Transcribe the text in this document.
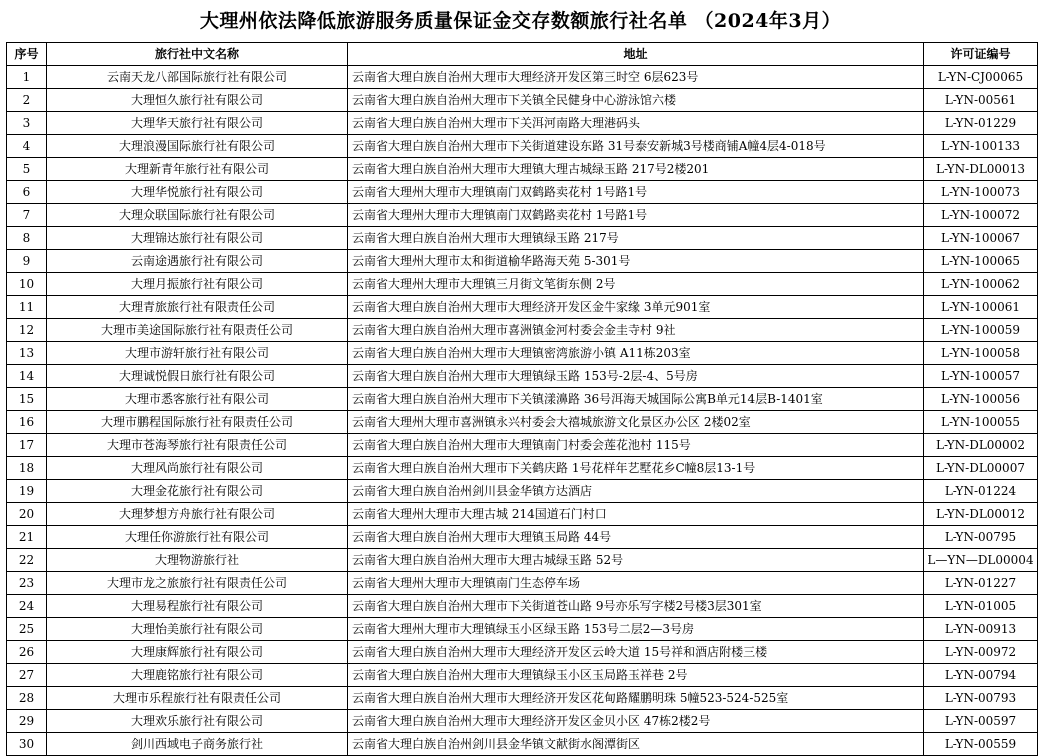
大理州依法降低旅游服务质量保证金交存数额旅行社名单 （2024年3月）
序号	旅行社中文名称	地址	许可证编号
1	云南天龙八部国际旅行社有限公司	云南省大理白族自治州大理市大理经济开发区第三时空 6层623号	L-YN-CJ00065
2	大理恒久旅行社有限公司	云南省大理白族自治州大理市下关镇全民健身中心游泳馆六楼	L-YN-00561
3	大理华天旅行社有限公司	云南省大理白族自治州大理市下关洱河南路大理港码头	L-YN-01229
4	大理浪漫国际旅行社有限公司	云南省大理白族自治州大理市下关街道建设东路 31号泰安新城3号楼商铺A幢4层4-018号	L-YN-100133
5	大理新青年旅行社有限公司	云南省大理白族自治州大理市大理镇大理古城绿玉路 217号2楼201	L-YN-DL00013
6	大理华悦旅行社有限公司	云南省大理州大理市大理镇南门双鹤路卖花村 1号路1号	L-YN-100073
7	大理众联国际旅行社有限公司	云南省大理州大理市大理镇南门双鹤路卖花村 1号路1号	L-YN-100072
8	大理锦达旅行社有限公司	云南省大理白族自治州大理市大理镇绿玉路 217号	L-YN-100067
9	云南途遇旅行社有限公司	云南省大理州大理市太和街道榆华路海天苑 5-301号	L-YN-100065
10	大理月振旅行社有限公司	云南省大理州大理市大理镇三月街文笔街东侧 2号	L-YN-100062
11	大理青旅旅行社有限责任公司	云南省大理白族自治州大理市大理经济开发区金牛家缘 3单元901室	L-YN-100061
12	大理市美途国际旅行社有限责任公司	云南省大理白族自治州大理市喜洲镇金河村委会金圭寺村 9社	L-YN-100059
13	大理市游轩旅行社有限公司	云南省大理白族自治州大理市大理镇密湾旅游小镇 A11栋203室	L-YN-100058
14	大理诚悦假日旅行社有限公司	云南省大理白族自治州大理市大理镇绿玉路 153号-2层-4、5号房	L-YN-100057
15	大理市悉客旅行社有限公司	云南省大理白族自治州大理市下关镇漾濞路 36号洱海天城国际公寓B单元14层B-1401室	L-YN-100056
16	大理市鹏程国际旅行社有限责任公司	云南省大理州大理市喜洲镇永兴村委会大禧城旅游文化景区办公区 2楼02室	L-YN-100055
17	大理市苍海琴旅行社有限责任公司	云南省大理白族自治州大理市大理镇南门村委会莲花池村 115号	L-YN-DL00002
18	大理风尚旅行社有限公司	云南省大理白族自治州大理市下关鹤庆路 1号花样年艺墅花乡C幢8层13-1号	L-YN-DL00007
19	大理金花旅行社有限公司	云南省大理白族自治州剑川县金华镇方达酒店	L-YN-01224
20	大理梦想方舟旅行社有限公司	云南省大理州大理市大理古城 214国道石门村口	L-YN-DL00012
21	大理任你游旅行社有限公司	云南省大理白族自治州大理市大理镇玉局路 44号	L-YN-00795
22	大理物游旅行社	云南省大理白族自治州大理市大理古城绿玉路 52号	L—YN—DL00004
23	大理市龙之旅旅行社有限责任公司	云南省大理州大理市大理镇南门生态停车场	L-YN-01227
24	大理易程旅行社有限公司	云南省大理白族自治州大理市下关街道苍山路 9号亦乐写字楼2号楼3层301室	L-YN-01005
25	大理怡美旅行社有限公司	云南省大理州大理市大理镇绿玉小区绿玉路 153号二层2—3号房	L-YN-00913
26	大理康辉旅行社有限公司	云南省大理白族自治州大理市大理经济开发区云岭大道 15号祥和酒店附楼三楼	L-YN-00972
27	大理鹿铭旅行社有限公司	云南省大理白族自治州大理市大理镇绿玉小区玉局路玉祥巷 2号	L-YN-00794
28	大理市乐程旅行社有限责任公司	云南省大理白族自治州大理市大理经济开发区花甸路耀鹏明珠 5幢523-524-525室	L-YN-00793
29	大理欢乐旅行社有限公司	云南省大理白族自治州大理市大理经济开发区金贝小区 47栋2楼2号	L-YN-00597
30	剑川西域电子商务旅行社	云南省大理白族自治州剑川县金华镇文献街水阁潭街区	L-YN-00559
